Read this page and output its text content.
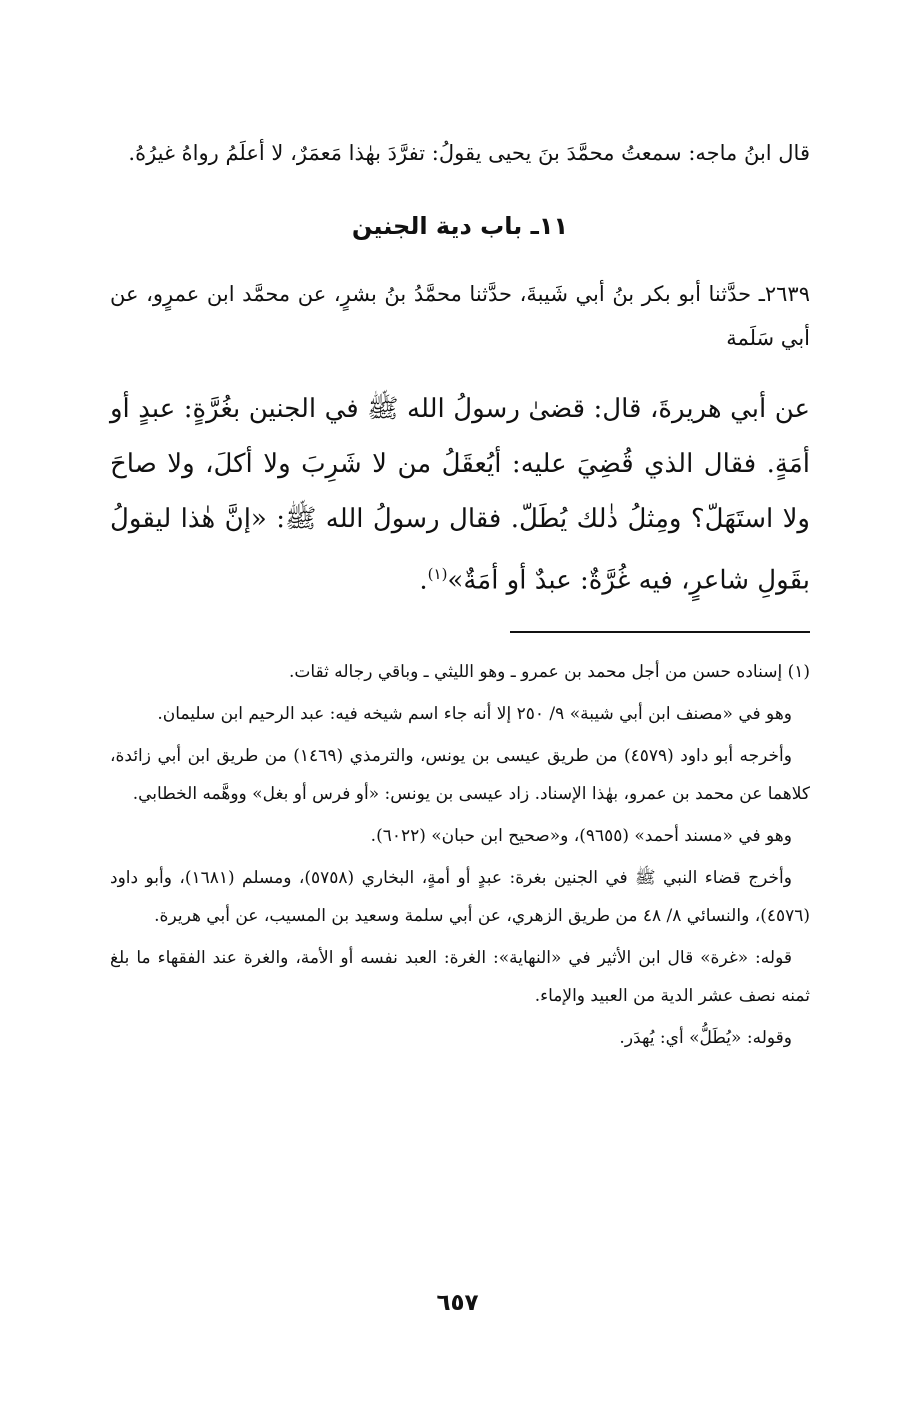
قال ابنُ ماجه: سمعتُ محمَّدَ بنَ يحيى يقولُ: تفرَّدَ بهٰذا مَعمَرٌ، لا أعلَمُ رواهُ غيرُهُ.

١١ـ باب دية الجنين

٢٦٣٩ـ حدَّثنا أبو بكر بنُ أبي شَيبةَ، حدَّثنا محمَّدُ بنُ بشرٍ، عن محمَّد ابن عمرٍو، عن أبي سَلَمة

عن أبي هريرةَ، قال: قضىٰ رسولُ الله ﷺ في الجنين بغُرَّةٍ: عبدٍ أو أمَةٍ. فقال الذي قُضِيَ عليه: أيُعقَلُ من لا شَرِبَ ولا أكلَ، ولا صاحَ ولا استَهَلّ؟ ومِثلُ ذٰلك يُطَلّ. فقال رسولُ الله ﷺ: «إنَّ هٰذا ليقولُ بقَولِ شاعرٍ، فيه غُرَّةٌ: عبدٌ أو أمَةٌ»$^{(١)}$.

(١) إسناده حسن من أجل محمد بن عمرو ـ وهو الليثي ـ وباقي رجاله ثقات.

وهو في «مصنف ابن أبي شيبة» ٩/ ٢٥٠ إلا أنه جاء اسم شيخه فيه: عبد الرحيم ابن سليمان.

وأخرجه أبو داود (٤٥٧٩) من طريق عيسى بن يونس، والترمذي (١٤٦٩) من طريق ابن أبي زائدة، كلاهما عن محمد بن عمرو، بهٰذا الإسناد. زاد عيسى بن يونس: «أو فرس أو بغل» ووهَّمه الخطابي.

وهو في «مسند أحمد» (٩٦٥٥)، و«صحيح ابن حبان» (٦٠٢٢).

وأخرج قضاء النبي ﷺ في الجنين بغرة: عبدٍ أو أمةٍ، البخاري (٥٧٥٨)، ومسلم (١٦٨١)، وأبو داود (٤٥٧٦)، والنسائي ٨/ ٤٨ من طريق الزهري، عن أبي سلمة وسعيد بن المسيب، عن أبي هريرة.

قوله: «غرة» قال ابن الأثير في «النهاية»: الغرة: العبد نفسه أو الأمة، والغرة عند الفقهاء ما بلغ ثمنه نصف عشر الدية من العبيد والإماء.

وقوله: «يُطَلُّ» أي: يُهدَر.

٦٥٧
